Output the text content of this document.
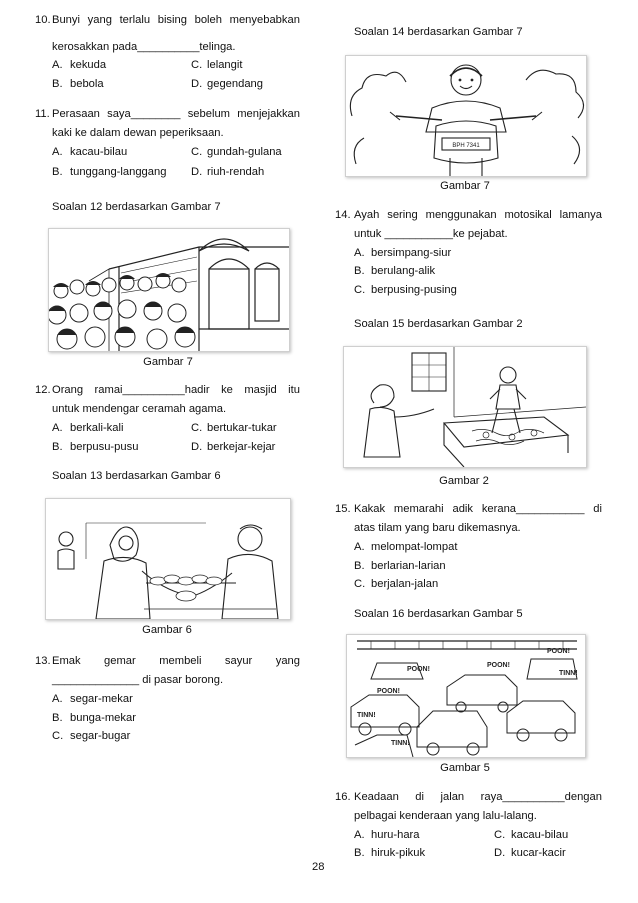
10. Bunyi yang terlalu bising boleh menyebabkan
kerosakkan pada__________telinga.
A. kekuda	C. lelangit
B. bebola	D. gegendang
11. Perasaan saya________ sebelum menjejakkan
kaki ke dalam dewan peperiksaan.
A. kacau-bilau	C. gundah-gulana
B. tunggang-langgang D. riuh-rendah
Soalan 12 berdasarkan Gambar 7
Gambar 7
12. Orang ramai__________hadir ke masjid itu
untuk mendengar ceramah agama.
A. berkali-kali	C. bertukar-tukar
B. berpusu-pusu	D. berkejar-kejar
Soalan 13 berdasarkan Gambar 6
Gambar 6
13. Emak gemar membeli sayur yang
______________ di pasar borong.
A. segar-mekar
B. bunga-mekar
C. segar-bugar
Soalan 14 berdasarkan Gambar 7
BPH 7341
Gambar 7
14. Ayah sering menggunakan motosikal lamanya
untuk ___________ke pejabat.
A. bersimpang-siur
B. berulang-alik
C. berpusing-pusing
Soalan 15 berdasarkan Gambar 2
Gambar 2
15. Kakak memarahi adik kerana___________ di
atas tilam yang baru dikemasnya.
A. melompat-lompat
B. berlarian-larian
C. berjalan-jalan
Soalan 16 berdasarkan Gambar 5
POON!
POON!
POON!
POON!
TINN!
TINN!
TINN!
Gambar 5
16. Keadaan di jalan raya__________dengan
pelbagai kenderaan yang lalu-lalang.
A. huru-hara	C. kacau-bilau
B. hiruk-pikuk	D. kucar-kacir
28
